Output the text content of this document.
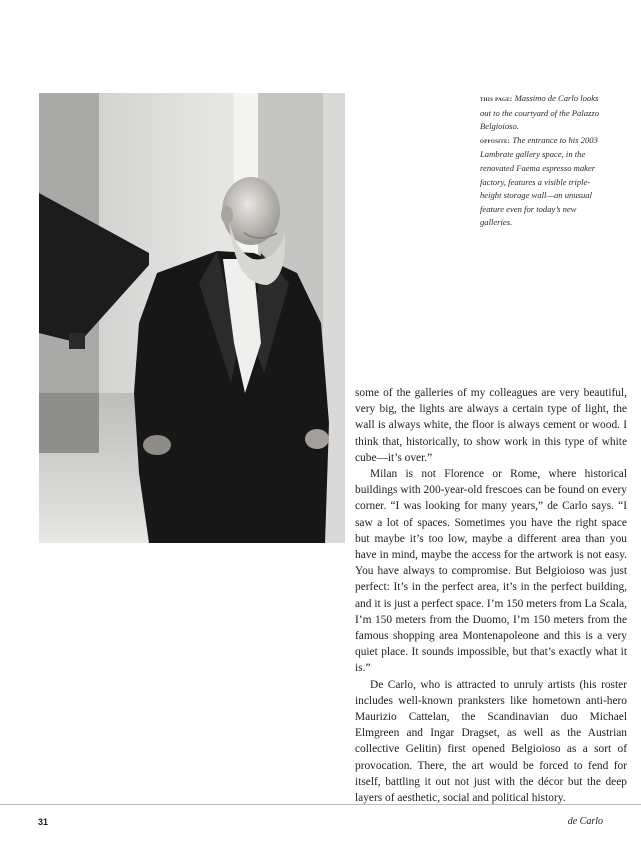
this page: Massimo de Carlo looks out to the courtyard of the Palazzo Belgioioso.
opposite: The entrance to his 2003 Lambrate gallery space, in the renovated Faema espresso maker factory, features a visible triple-height storage wall—an unusual feature even for today’s new galleries.

some of the galleries of my colleagues are very beautiful, very big, the lights are always a certain type of light, the wall is always white, the floor is always cement or wood. I think that, historically, to show work in this type of white cube—it’s over.”

Milan is not Florence or Rome, where historical buildings with 200-year-old frescoes can be found on every corner. “I was looking for many years,” de Carlo says. “I saw a lot of spaces. Sometimes you have the right space but maybe it’s too low, maybe a different area than you have in mind, maybe the access for the artwork is not easy. You have always to compromise. But Belgioioso was just perfect: It’s in the perfect area, it’s in the perfect building, and it is just a perfect space. I’m 150 meters from La Scala, I’m 150 meters from the Duomo, I’m 150 meters from the famous shopping area Montenapoleone and this is a very quiet place. It sounds impossible, but that’s exactly what it is.”

De Carlo, who is attracted to unruly artists (his roster includes well-known pranksters like hometown anti-hero Maurizio Cattelan, the Scandinavian duo Michael Elmgreen and Ingar Dragset, as well as the Austrian collective Gelitin) first opened Belgioioso as a sort of provocation. There, the art would be forced to fend for itself, battling it out not just with the décor but the deep layers of aesthetic, social and political history.

31	de Carlo
